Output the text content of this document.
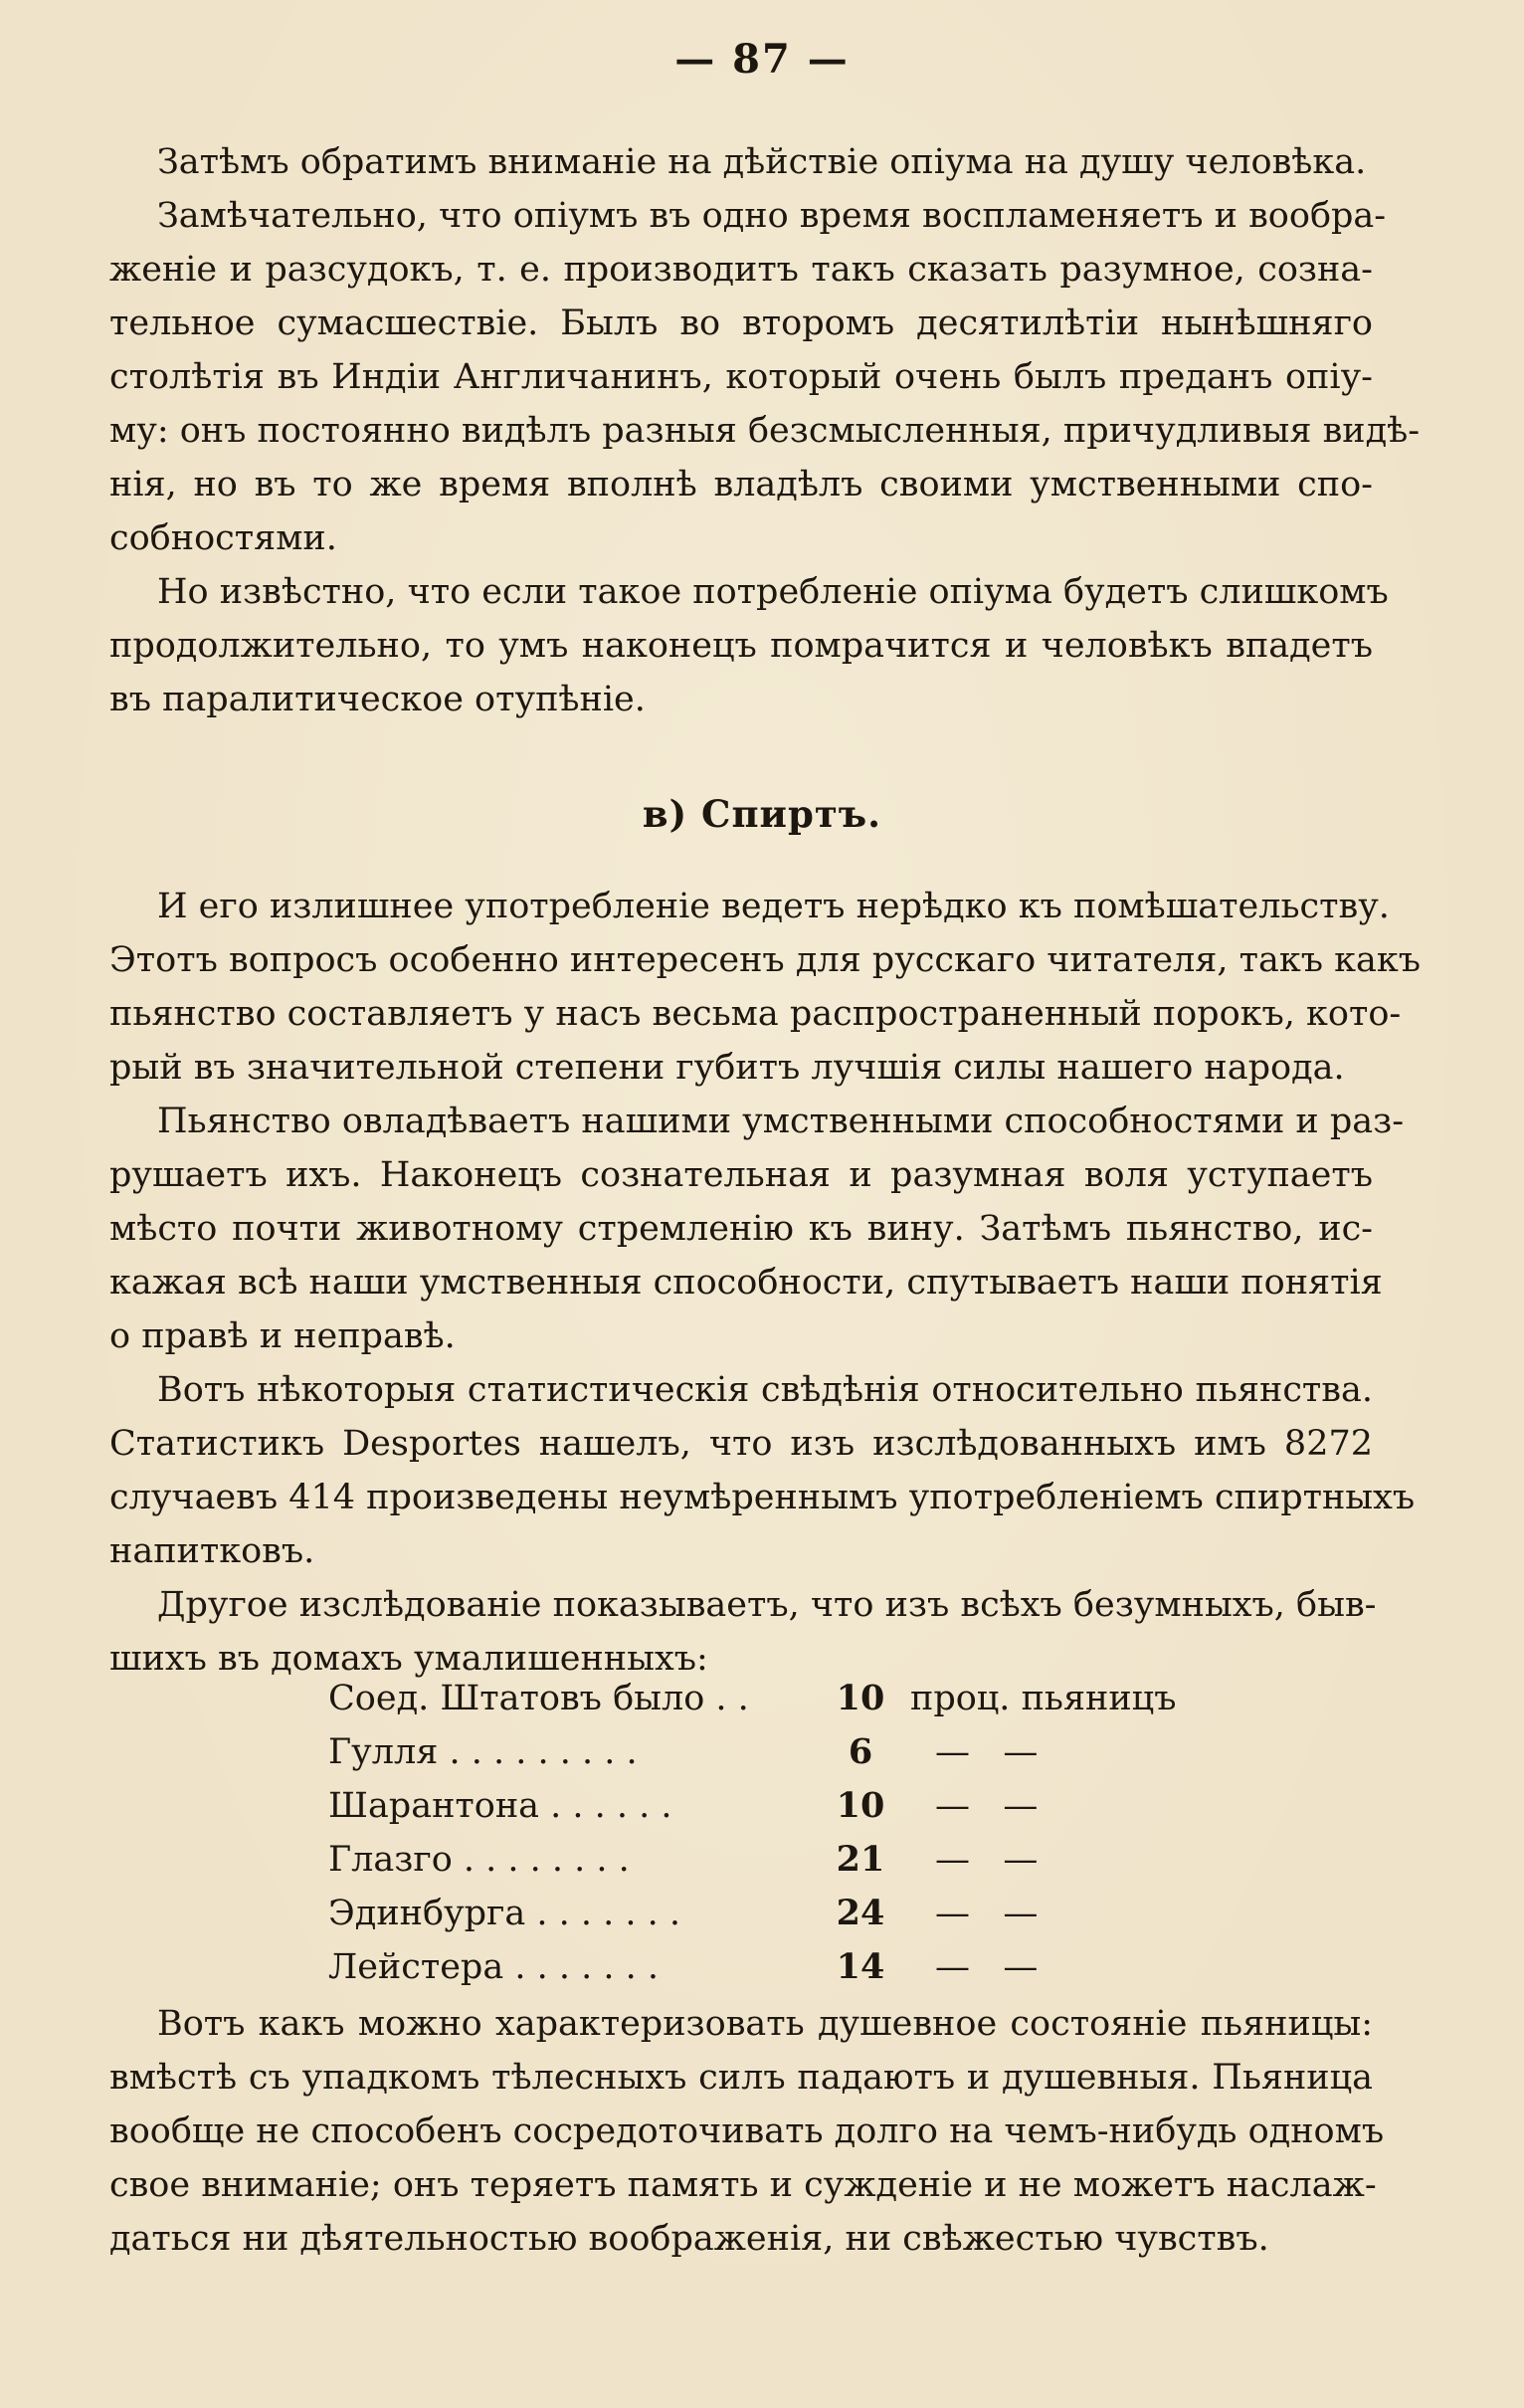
— 87 —
Затѣмъ обратимъ вниманіе на дѣйствіе опіума на душу человѣка.
Замѣчательно, что опіумъ въ одно время воспламеняетъ и вообра-
женіе и разсудокъ, т. е. производитъ такъ сказать разумное, сознa-
тельное сумасшествіе. Былъ во второмъ десятилѣтіи нынѣшняго
столѣтія въ Индіи Англичанинъ, который очень былъ преданъ опіу-
му: онъ постоянно видѣлъ разныя безсмысленныя, причудливыя видѣ-
нія, но въ то же время вполнѣ владѣлъ своими умственными спо-
собностями.
Но извѣстно, что если такое потребленіе опіума будетъ слишкомъ
продолжительно, то умъ наконецъ помрачится и человѣкъ впадетъ
въ паралитическое отупѣніе.
в) Спиртъ.
И его излишнее употребленіе ведетъ нерѣдко къ помѣшательству.
Этотъ вопросъ особенно интересенъ для русскаго читателя, такъ какъ
пьянство составляетъ у насъ весьма распространенный порокъ, кото-
рый въ значительной степени губитъ лучшія силы нашего народа.
Пьянство овладѣваетъ нашими умственными способностями и раз-
рушаетъ ихъ. Наконецъ сознательная и разумная воля уступаетъ
мѣсто почти животному стремленію къ вину. Затѣмъ пьянство, ис-
кажая всѣ наши умственныя способности, спутываетъ наши понятія
о правѣ и неправѣ.
Вотъ нѣкоторыя статистическія свѣдѣнія относительно пьянства.
Статистикъ Desportes нашелъ, что изъ изслѣдованныхъ имъ 8272
случаевъ 414 произведены неумѣреннымъ употребленіемъ спиртныхъ
напитковъ.
Другое изслѣдованіе показываетъ, что изъ всѣхъ безумныхъ, быв-
шихъ въ домахъ умалишенныхъ:
Соед. Штатовъ было . .	10 проц. пьяницъ
Гулля . . . . . . . . .	6	—   —
Шарантона . . . . . .	10	—   —
Глазго . . . . . . . .	21	—   —
Эдинбурга . . . . . . .	24	—   —
Лейстера . . . . . . .	14	—   —
Вотъ какъ можно характеризовать душевное состояніе пьяницы:
вмѣстѣ съ упадкомъ тѣлесныхъ силъ падаютъ и душевныя. Пьяница
вообще не способенъ сосредоточивать долго на чемъ-нибудь одномъ
свое вниманіе; онъ теряетъ память и сужденіе и не можетъ наслаж-
даться ни дѣятельностью воображенія, ни свѣжестью чувствъ.
